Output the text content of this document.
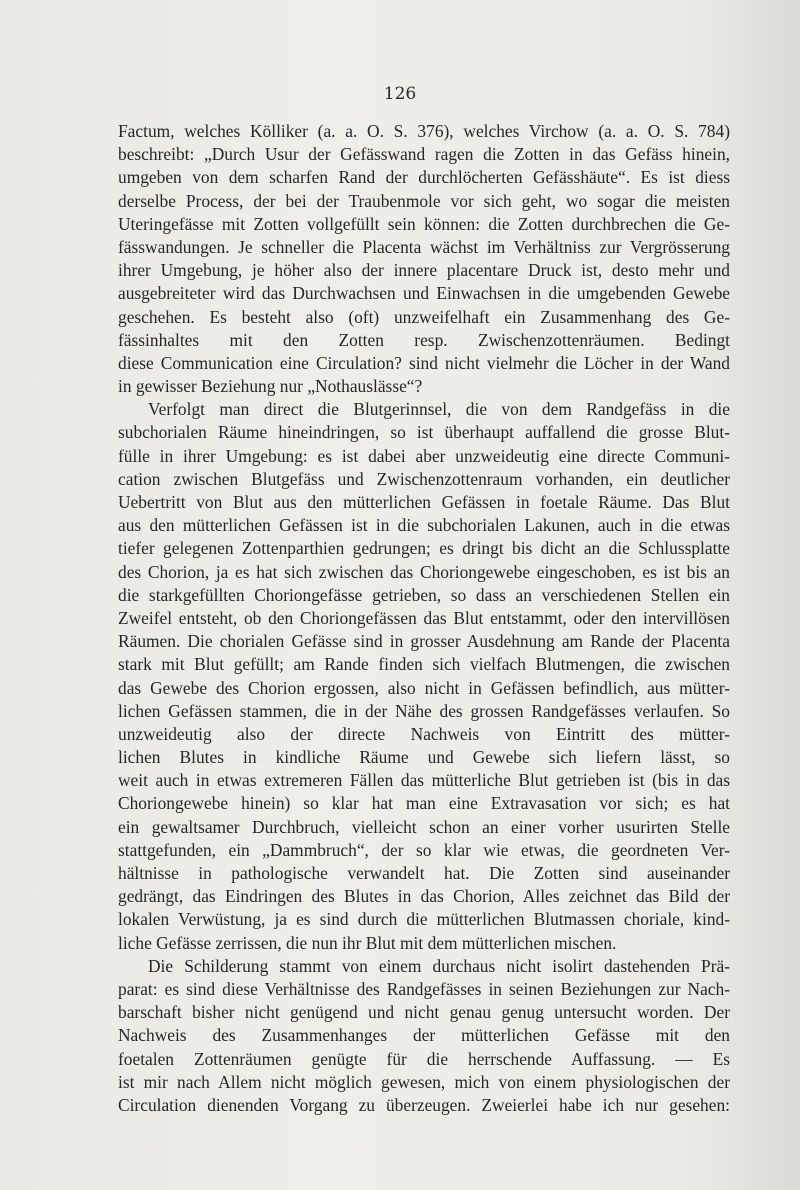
126
Factum, welches Kölliker (a. a. O. S. 376), welches Virchow (a. a. O. S. 784)
beschreibt: „Durch Usur der Gefässwand ragen die Zotten in das Gefäss hinein,
umgeben von dem scharfen Rand der durchlöcherten Gefässhäute“. Es ist diess
derselbe Process, der bei der Traubenmole vor sich geht, wo sogar die meisten
Uteringefässe mit Zotten vollgefüllt sein können: die Zotten durchbrechen die Ge-
fässwandungen. Je schneller die Placenta wächst im Verhältniss zur Vergrösserung
ihrer Umgebung, je höher also der innere placentare Druck ist, desto mehr und
ausgebreiteter wird das Durchwachsen und Einwachsen in die umgebenden Gewebe
geschehen. Es besteht also (oft) unzweifelhaft ein Zusammenhang des Ge-
fässinhaltes mit den Zotten resp. Zwischenzottenräumen. Bedingt
diese Communication eine Circulation? sind nicht vielmehr die Löcher in der Wand
in gewisser Beziehung nur „Nothauslässe“?
Verfolgt man direct die Blutgerinnsel, die von dem Randgefäss in die
subchorialen Räume hineindringen, so ist überhaupt auffallend die grosse Blut-
fülle in ihrer Umgebung: es ist dabei aber unzweideutig eine directe Communi-
cation zwischen Blutgefäss und Zwischenzottenraum vorhanden, ein deutlicher
Uebertritt von Blut aus den mütterlichen Gefässen in foetale Räume. Das Blut
aus den mütterlichen Gefässen ist in die subchorialen Lakunen, auch in die etwas
tiefer gelegenen Zottenparthien gedrungen; es dringt bis dicht an die Schlussplatte
des Chorion, ja es hat sich zwischen das Choriongewebe eingeschoben, es ist bis an
die starkgefüllten Choriongefässe getrieben, so dass an verschiedenen Stellen ein
Zweifel entsteht, ob den Choriongefässen das Blut entstammt, oder den intervillösen
Räumen. Die chorialen Gefässe sind in grosser Ausdehnung am Rande der Placenta
stark mit Blut gefüllt; am Rande finden sich vielfach Blutmengen, die zwischen
das Gewebe des Chorion ergossen, also nicht in Gefässen befindlich, aus mütter-
lichen Gefässen stammen, die in der Nähe des grossen Randgefässes verlaufen. So
unzweideutig also der directe Nachweis von Eintritt des mütter-
lichen Blutes in kindliche Räume und Gewebe sich liefern lässt, so
weit auch in etwas extremeren Fällen das mütterliche Blut getrieben ist (bis in das
Choriongewebe hinein) so klar hat man eine Extravasation vor sich; es hat
ein gewaltsamer Durchbruch, vielleicht schon an einer vorher usurirten Stelle
stattgefunden, ein „Dammbruch“, der so klar wie etwas, die geordneten Ver-
hältnisse in pathologische verwandelt hat. Die Zotten sind auseinander
gedrängt, das Eindringen des Blutes in das Chorion, Alles zeichnet das Bild der
lokalen Verwüstung, ja es sind durch die mütterlichen Blutmassen choriale, kind-
liche Gefässe zerrissen, die nun ihr Blut mit dem mütterlichen mischen.
Die Schilderung stammt von einem durchaus nicht isolirt dastehenden Prä-
parat: es sind diese Verhältnisse des Randgefässes in seinen Beziehungen zur Nach-
barschaft bisher nicht genügend und nicht genau genug untersucht worden. Der
Nachweis des Zusammenhanges der mütterlichen Gefässe mit den
foetalen Zottenräumen genügte für die herrschende Auffassung. — Es
ist mir nach Allem nicht möglich gewesen, mich von einem physiologischen der
Circulation dienenden Vorgang zu überzeugen. Zweierlei habe ich nur gesehen:
